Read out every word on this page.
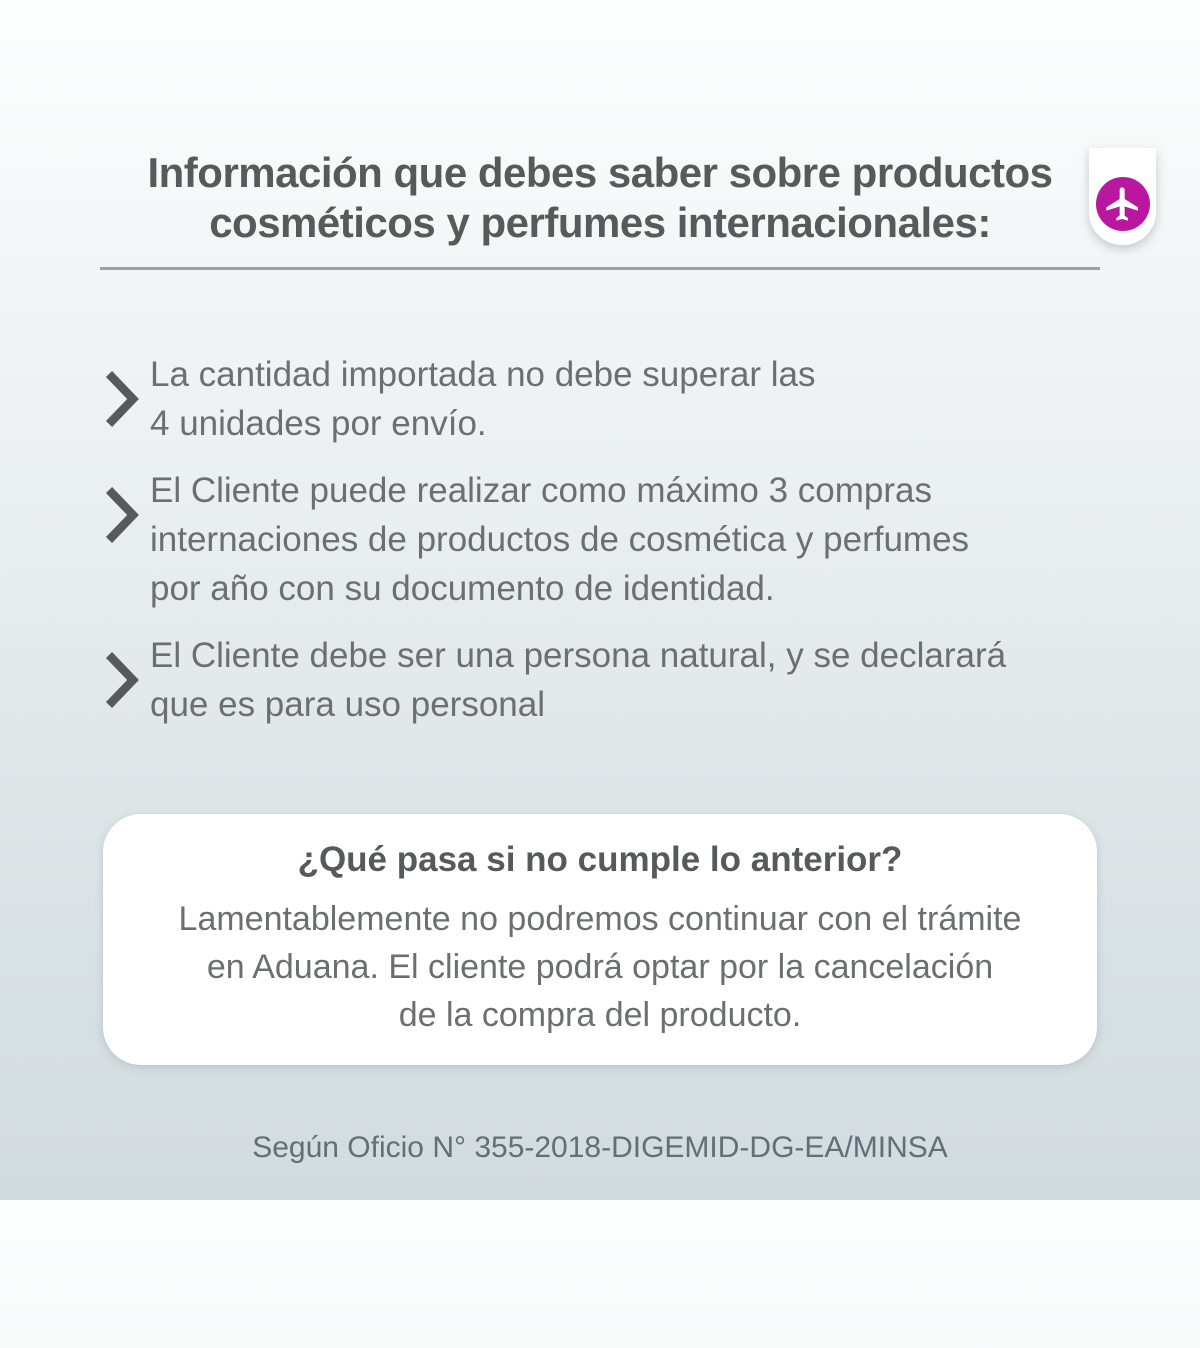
Información que debes saber sobre productos
cosméticos y perfumes internacionales:
La cantidad importada no debe superar las
4 unidades por envío.
El Cliente puede realizar como máximo 3 compras
internaciones de productos de cosmética y perfumes
por año con su documento de identidad.
El Cliente debe ser una persona natural, y se declarará
que es para uso personal
¿Qué pasa si no cumple lo anterior?
Lamentablemente no podremos continuar con el trámite
en Aduana. El cliente podrá optar por la cancelación
de la compra del producto.
Según Oficio N° 355-2018-DIGEMID-DG-EA/MINSA
